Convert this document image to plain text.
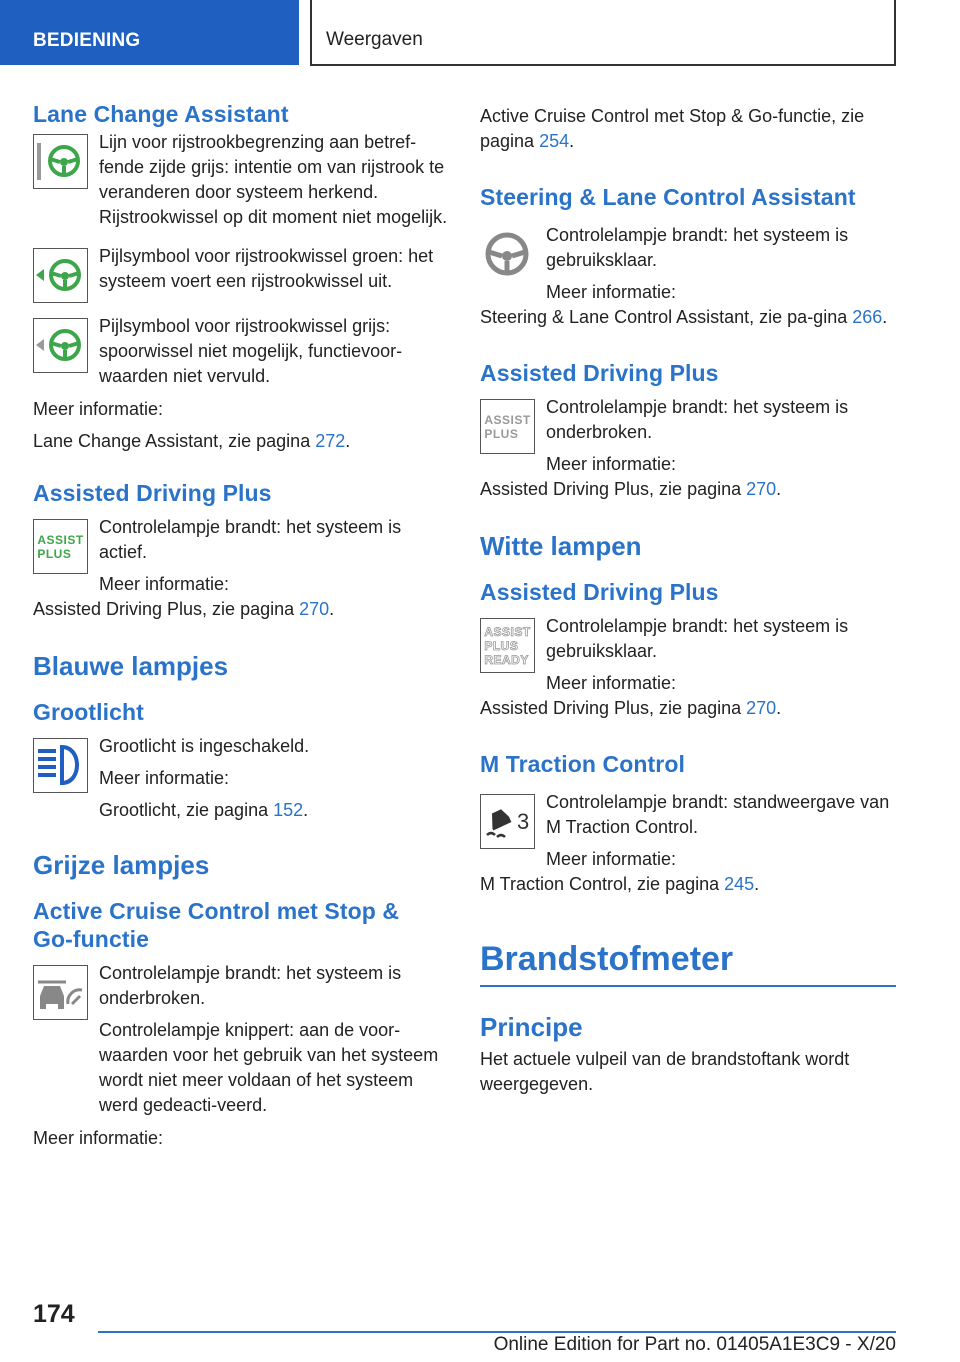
BEDIENING	Weergaven
Lane Change Assistant

Lijn voor rijstrookbegrenzing aan betref-fende zijde grijs: intentie om van rijstrook te veranderen door systeem herkend. Rijstrookwissel op dit moment niet mogelijk.

Pijlsymbool voor rijstrookwissel groen: het systeem voert een rijstrookwissel uit.

Pijlsymbool voor rijstrookwissel grijs: spoorwissel niet mogelijk, functievoor-waarden niet vervuld.

Meer informatie:

Lane Change Assistant, zie pagina 272.

Assisted Driving Plus
ASSIST
PLUS

Controlelampje brandt: het systeem is actief.

Meer informatie:

Assisted Driving Plus, zie pagina 270.

Blauwe lampjes
Grootlicht

Grootlicht is ingeschakeld.

Meer informatie:

Grootlicht, zie pagina 152.

Grijze lampjes
Active Cruise Control met Stop & Go-functie

Controlelampje brandt: het systeem is onderbroken.

Controlelampje knippert: aan de voor-waarden voor het gebruik van het systeem wordt niet meer voldaan of het systeem werd gedeacti-veerd.

Meer informatie:

Active Cruise Control met Stop & Go-functie, zie pagina 254.

Steering & Lane Control Assistant

Controlelampje brandt: het systeem is gebruiksklaar.

Meer informatie:

Steering & Lane Control Assistant, zie pa-gina 266.

Assisted Driving Plus
ASSIST
PLUS

Controlelampje brandt: het systeem is onderbroken.

Meer informatie:

Assisted Driving Plus, zie pagina 270.

Witte lampen
Assisted Driving Plus
ASSIST
PLUS
READY

Controlelampje brandt: het systeem is gebruiksklaar.

Meer informatie:

Assisted Driving Plus, zie pagina 270.

M Traction Control
3

Controlelampje brandt: standweergave van M Traction Control.

Meer informatie:

M Traction Control, zie pagina 245.

Brandstofmeter
Principe

Het actuele vulpeil van de brandstoftank wordt weergegeven.

174
Online Edition for Part no. 01405A1E3C9 - X/20
